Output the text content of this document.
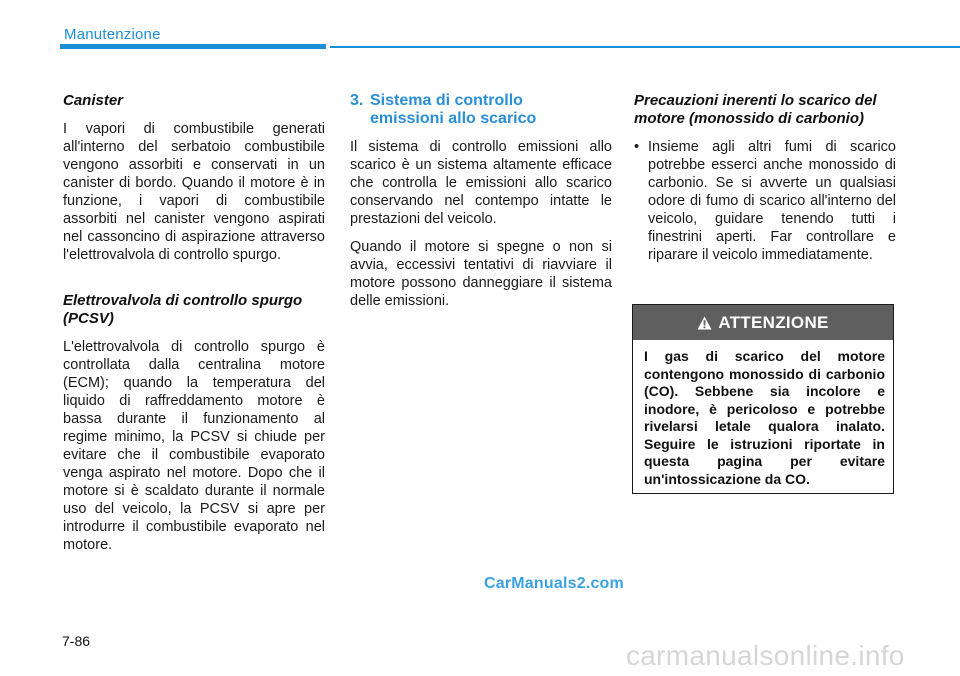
Manutenzione
Canister

I vapori di combustibile generati all'interno del serbatoio combustibile vengono assorbiti e conservati in un canister di bordo. Quando il motore è in funzione, i vapori di combustibile assorbiti nel canister vengono aspirati nel cassoncino di aspirazione attraverso l'elettrovalvola di controllo spurgo.

Elettrovalvola di controllo spurgo (PCSV)

L'elettrovalvola di controllo spurgo è controllata dalla centralina motore (ECM); quando la temperatura del liquido di raffreddamento motore è bassa durante il funzionamento al regime minimo, la PCSV si chiude per evitare che il combustibile evaporato venga aspirato nel motore. Dopo che il motore si è scaldato durante il normale uso del veicolo, la PCSV si apre per introdurre il combustibile evaporato nel motore.

3. Sistema di controllo
emissioni allo scarico

Il sistema di controllo emissioni allo scarico è un sistema altamente efficace che controlla le emissioni allo scarico conservando nel contempo intatte le prestazioni del veicolo.

Quando il motore si spegne o non si avvia, eccessivi tentativi di riavviare il motore possono danneggiare il sistema delle emissioni.

Precauzioni inerenti lo scarico del motore (monossido di carbonio)
• Insieme agli altri fumi di scarico potrebbe esserci anche monossido di carbonio. Se si avverte un qualsiasi odore di fumo di scarico all'interno del veicolo, guidare tenendo tutti i finestrini aperti. Far controllare e riparare il veicolo immediatamente.
ATTENZIONE
I gas di scarico del motore contengono monossido di carbonio (CO). Sebbene sia incolore e inodore, è pericoloso e potrebbe rivelarsi letale qualora inalato. Seguire le istruzioni riportate in questa pagina per evitare un'intossicazione da CO.
CarManuals2.com
7-86	carmanualsonline.info
